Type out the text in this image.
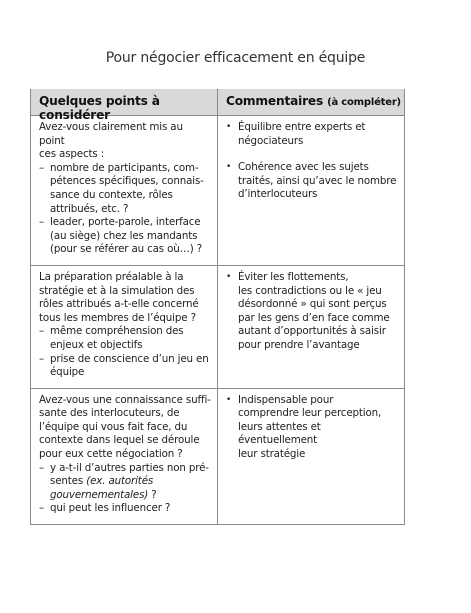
Pour négocier efficacement en équipe
Quelques points à considérer
Commentaires (à compléter)

Avez-vous clairement mis au point
ces aspects :

– nombre de participants, com-
pétences spécifiques, connais-
sance du contexte, rôles
attribués, etc. ?
– leader, porte-parole, interface
(au siège) chez les mandants
(pour se référer au cas où…) ?
• Équilibre entre experts et
négociateurs
• Cohérence avec les sujets
traités, ainsi qu’avec le nombre
d’interlocuteurs

La préparation préalable à la
stratégie et à la simulation des
rôles attribués a-t-elle concerné
tous les membres de l’équipe ?

– même compréhension des
enjeux et objectifs
– prise de conscience d’un jeu en
équipe
• Éviter les flottements,
les contradictions ou le « jeu
désordonné » qui sont perçus
par les gens d’en face comme
autant d’opportunités à saisir
pour prendre l’avantage

Avez-vous une connaissance suffi-
sante des interlocuteurs, de
l’équipe qui vous fait face, du
contexte dans lequel se déroule
pour eux cette négociation ?

– y a-t-il d’autres parties non pré-
sentes (ex. autorités
gouvernementales) ?
– qui peut les influencer ?
• Indispensable pour
comprendre leur perception,
leurs attentes et éventuellement
leur stratégie
